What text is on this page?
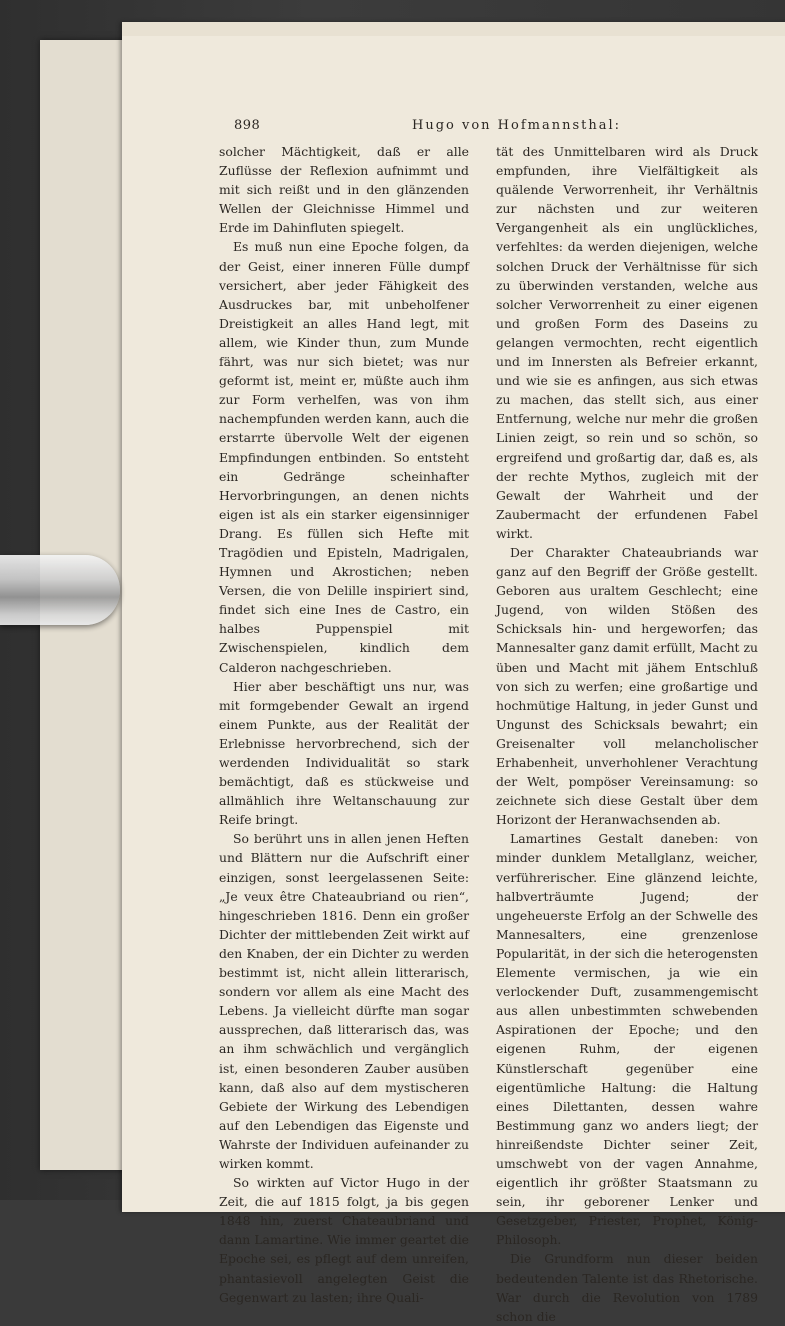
898	Hugo von Hofmannsthal:

solcher Mächtigkeit, daß er alle Zuflüsse der Reflexion aufnimmt und mit sich reißt und in den glänzenden Wellen der Gleichnisse Himmel und Erde im Dahinfluten spiegelt.

Es muß nun eine Epoche folgen, da der Geist, einer inneren Fülle dumpf versichert, aber jeder Fähigkeit des Ausdruckes bar, mit unbeholfener Dreistigkeit an alles Hand legt, mit allem, wie Kinder thun, zum Munde fährt, was nur sich bietet; was nur geformt ist, meint er, müßte auch ihm zur Form verhelfen, was von ihm nachempfunden werden kann, auch die erstarrte übervolle Welt der eigenen Empfindungen entbinden. So entsteht ein Gedränge scheinhafter Hervorbringungen, an denen nichts eigen ist als ein starker eigensinniger Drang. Es füllen sich Hefte mit Tragödien und Episteln, Madrigalen, Hymnen und Akrostichen; neben Versen, die von Delille inspiriert sind, findet sich eine Ines de Castro, ein halbes Puppenspiel mit Zwischenspielen, kindlich dem Calderon nachgeschrieben.

Hier aber beschäftigt uns nur, was mit formgebender Gewalt an irgend einem Punkte, aus der Realität der Erlebnisse hervorbrechend, sich der werdenden Individualität so stark bemächtigt, daß es stückweise und allmählich ihre Weltanschauung zur Reife bringt.

So berührt uns in allen jenen Heften und Blättern nur die Aufschrift einer einzigen, sonst leergelassenen Seite: „Je veux être Chateaubriand ou rien“, hingeschrieben 1816. Denn ein großer Dichter der mittlebenden Zeit wirkt auf den Knaben, der ein Dichter zu werden bestimmt ist, nicht allein litterarisch, sondern vor allem als eine Macht des Lebens. Ja vielleicht dürfte man sogar aussprechen, daß litterarisch das, was an ihm schwächlich und vergänglich ist, einen besonderen Zauber ausüben kann, daß also auf dem mystischeren Gebiete der Wirkung des Lebendigen auf den Lebendigen das Eigenste und Wahrste der Individuen aufeinander zu wirken kommt.

So wirkten auf Victor Hugo in der Zeit, die auf 1815 folgt, ja bis gegen 1848 hin, zuerst Chateaubriand und dann Lamartine. Wie immer geartet die Epoche sei, es pflegt auf dem unreifen, phantasievoll angelegten Geist die Gegenwart zu lasten; ihre Quali-

tät des Unmittelbaren wird als Druck empfunden, ihre Vielfältigkeit als quälende Verworrenheit, ihr Verhältnis zur nächsten und zur weiteren Vergangenheit als ein unglückliches, verfehltes: da werden diejenigen, welche solchen Druck der Verhältnisse für sich zu überwinden verstanden, welche aus solcher Verworrenheit zu einer eigenen und großen Form des Daseins zu gelangen vermochten, recht eigentlich und im Innersten als Befreier erkannt, und wie sie es anfingen, aus sich etwas zu machen, das stellt sich, aus einer Entfernung, welche nur mehr die großen Linien zeigt, so rein und so schön, so ergreifend und großartig dar, daß es, als der rechte Mythos, zugleich mit der Gewalt der Wahrheit und der Zaubermacht der erfundenen Fabel wirkt.

Der Charakter Chateaubriands war ganz auf den Begriff der Größe gestellt. Geboren aus uraltem Geschlecht; eine Jugend, von wilden Stößen des Schicksals hin- und hergeworfen; das Mannesalter ganz damit erfüllt, Macht zu üben und Macht mit jähem Entschluß von sich zu werfen; eine großartige und hochmütige Haltung, in jeder Gunst und Ungunst des Schicksals bewahrt; ein Greisenalter voll melancholischer Erhabenheit, unverhohlener Verachtung der Welt, pompöser Vereinsamung: so zeichnete sich diese Gestalt über dem Horizont der Heranwachsenden ab.

Lamartines Gestalt daneben: von minder dunklem Metallglanz, weicher, verführerischer. Eine glänzend leichte, halbverträumte Jugend; der ungeheuerste Erfolg an der Schwelle des Mannesalters, eine grenzenlose Popularität, in der sich die heterogensten Elemente vermischen, ja wie ein verlockender Duft, zusammengemischt aus allen unbestimmten schwebenden Aspirationen der Epoche; und den eigenen Ruhm, der eigenen Künstlerschaft gegenüber eine eigentümliche Haltung: die Haltung eines Dilettanten, dessen wahre Bestimmung ganz wo anders liegt; der hinreißendste Dichter seiner Zeit, umschwebt von der vagen Annahme, eigentlich ihr größter Staatsmann zu sein, ihr geborener Lenker und Gesetzgeber, Priester, Prophet, König-Philosoph.

Die Grundform nun dieser beiden bedeutenden Talente ist das Rhetorische. War durch die Revolution von 1789 schon die
